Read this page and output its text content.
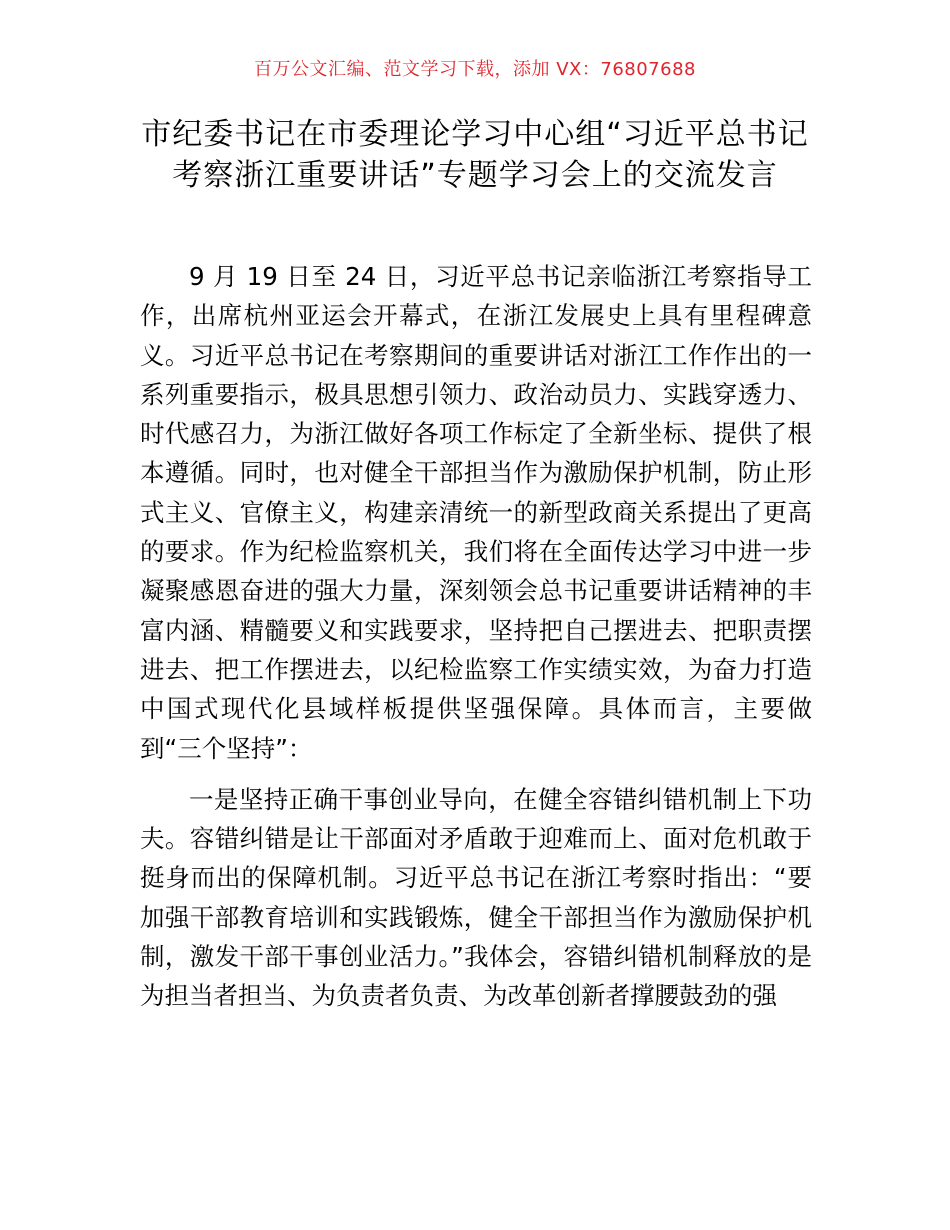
百万公文汇编、范文学习下载，添加 VX：76807688
市纪委书记在市委理论学习中心组“习近平总书记考察浙江重要讲话”专题学习会上的交流发言

9 月 19 日至 24 日，习近平总书记亲临浙江考察指导工作，出席杭州亚运会开幕式，在浙江发展史上具有里程碑意义。习近平总书记在考察期间的重要讲话对浙江工作作出的一系列重要指示，极具思想引领力、政治动员力、实践穿透力、时代感召力，为浙江做好各项工作标定了全新坐标、提供了根本遵循。同时，也对健全干部担当作为激励保护机制，防止形式主义、官僚主义，构建亲清统一的新型政商关系提出了更高的要求。作为纪检监察机关，我们将在全面传达学习中进一步凝聚感恩奋进的强大力量，深刻领会总书记重要讲话精神的丰富内涵、精髓要义和实践要求，坚持把自己摆进去、把职责摆进去、把工作摆进去，以纪检监察工作实绩实效，为奋力打造中国式现代化县域样板提供坚强保障。具体而言，主要做到“三个坚持”：

一是坚持正确干事创业导向，在健全容错纠错机制上下功夫。容错纠错是让干部面对矛盾敢于迎难而上、面对危机敢于挺身而出的保障机制。习近平总书记在浙江考察时指出：“要加强干部教育培训和实践锻炼，健全干部担当作为激励保护机制，激发干部干事创业活力。”我体会，容错纠错机制释放的是为担当者担当、为负责者负责、为改革创新者撑腰鼓劲的强
